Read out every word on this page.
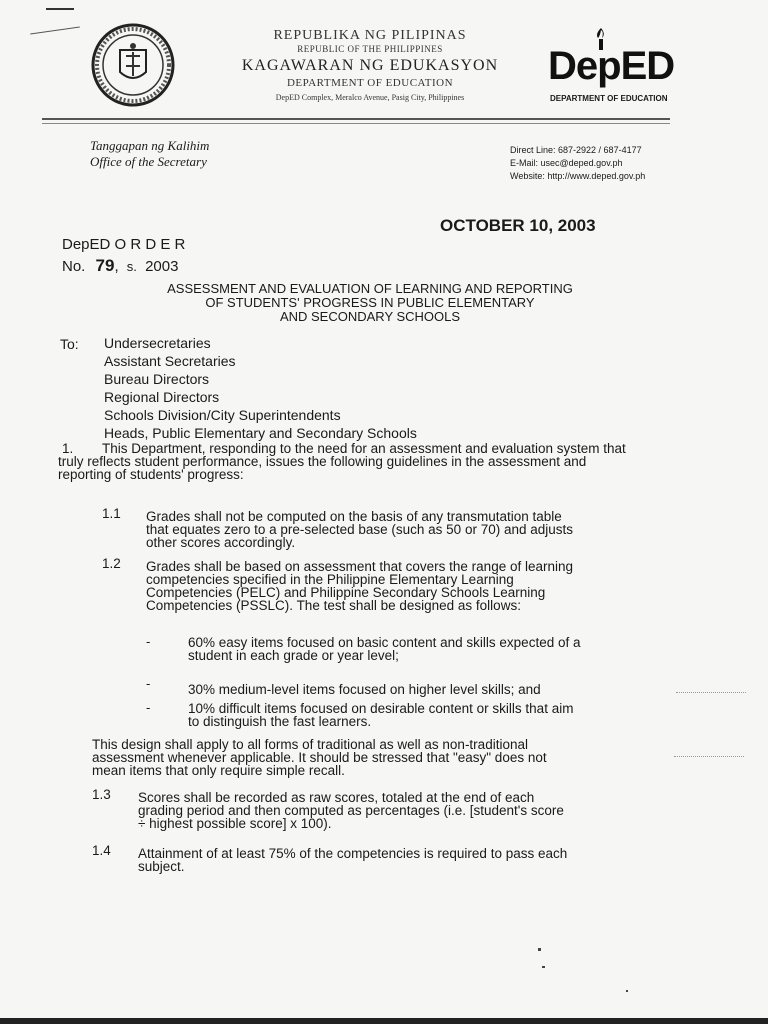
REPUBLIKA NG PILIPINAS
REPUBLIC OF THE PHILIPPINES
KAGAWARAN NG EDUKASYON
DEPARTMENT OF EDUCATION
DepED Complex, Meralco Avenue, Pasig City, Philippines
DepED
DEPARTMENT OF EDUCATION
Tanggapan ng Kalihim
Office of the Secretary
Direct Line: 687-2922 / 687-4177
E-Mail: usec@deped.gov.ph
Website: http://www.deped.gov.ph
OCTOBER 10, 2003
DepED O R D E R
No. 79, s. 2003
ASSESSMENT AND EVALUATION OF LEARNING AND REPORTING
OF STUDENTS' PROGRESS IN PUBLIC ELEMENTARY
AND SECONDARY SCHOOLS
To: Undersecretaries
Assistant Secretaries
Bureau Directors
Regional Directors
Schools Division/City Superintendents
Heads, Public Elementary and Secondary Schools
1.	This Department, responding to the need for an assessment and evaluation system that
truly reflects student performance, issues the following guidelines in the assessment and
reporting of students' progress:
1.1 Grades shall not be computed on the basis of any transmutation table
that equates zero to a pre-selected base (such as 50 or 70) and adjusts
other scores accordingly.
1.2 Grades shall be based on assessment that covers the range of learning
competencies specified in the Philippine Elementary Learning
Competencies (PELC) and Philippine Secondary Schools Learning
Competencies (PSSLC). The test shall be designed as follows:
-	60% easy items focused on basic content and skills expected of a
student in each grade or year level;
-	30% medium-level items focused on higher level skills; and
-	10% difficult items focused on desirable content or skills that aim
to distinguish the fast learners.
This design shall apply to all forms of traditional as well as non-traditional
assessment whenever applicable. It should be stressed that "easy" does not
mean items that only require simple recall.
1.3 Scores shall be recorded as raw scores, totaled at the end of each
grading period and then computed as percentages (i.e. [student's score
÷ highest possible score] x 100).
1.4 Attainment of at least 75% of the competencies is required to pass each
subject.
